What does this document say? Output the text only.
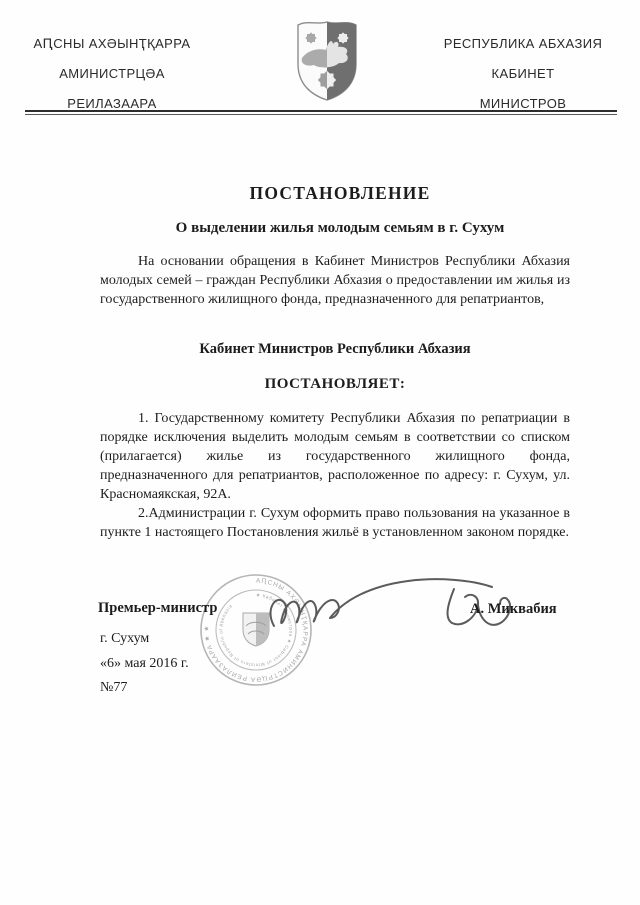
АԤСНЫ АХӘЫНҬҚАРРА
АМИНИСТРЦӘА
РЕИЛАЗААРА
РЕСПУБЛИКА АБХАЗИЯ
КАБИНЕТ
МИНИСТРОВ
ПОСТАНОВЛЕНИЕ
О выделении жилья молодым семьям в г. Сухум
На основании обращения в Кабинет Министров Республики Абхазия молодых семей – граждан Республики Абхазия о предоставлении им жилья из государственного жилищного фонда, предназначенного для репатриантов,
Кабинет Министров Республики Абхазия
ПОСТАНОВЛЯЕТ:

1. Государственному комитету Республики Абхазия по репатриации в порядке исключения выделить молодым семьям в соответствии со списком (прилагается) жилье из государственного жилищного фонда, предназначенного для репатриантов, расположенное по адресу: г. Сухум, ул. Красномаякская, 92А.

2.Администрации г. Сухум оформить право пользования на указанное в пункте 1 настоящего Постановления жильё в установленном законом порядке.

АԤСНЫ АХӘЫНҬҚАРРА АМИНИСТРЦӘА РЕИЛАЗААРА ★ ★
★ Кабинет Министров ★ Cabinet of Ministers of Republic of Abkhazia
Премьер-министр	А. Миквабия
г. Сухум
«6» мая 2016 г.
№77
